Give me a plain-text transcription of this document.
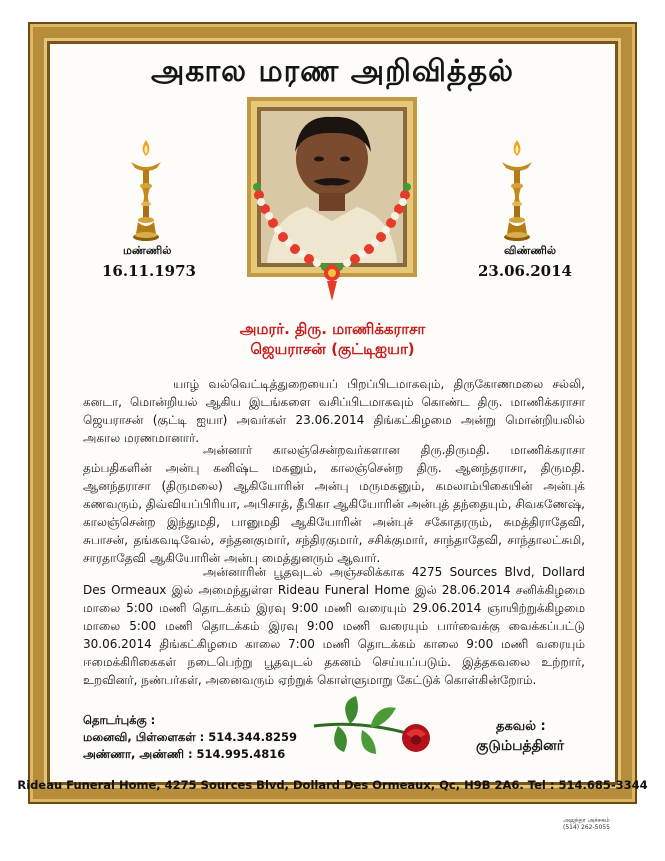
அகால மரண அறிவித்தல்
மண்ணில்
16.11.1973
விண்ணில்
23.06.2014
அமரர். திரு. மாணிக்கராசா
ஜெயராசன் (குட்டிஐயா)
யாழ் வல்வெட்டித்துறையைப் பிறப்பிடமாகவும், திருகோணமலை சல்லி, கனடா, மொன்றியல் ஆகிய இடங்களை வசிப்பிடமாகவும் கொண்ட திரு. மாணிக்கராசா ஜெயராசன் (குட்டி ஐயா) அவர்கள் 23.06.2014 திங்கட்கிழமை அன்று மொன்றியலில் அகால மரணமானார்.
அன்னார் காலஞ்சென்றவர்களான திரு.திருமதி. மாணிக்கராசா தம்பதிகளின் அன்பு கனிஷ்ட மகனும், காலஞ்சென்ற திரு. ஆனந்தராசா, திருமதி. ஆனந்தராசா (திருமலை) ஆகியோரின் அன்பு மருமகனும், கமலாம்பிகையின் அன்புக் கணவரும், திவ்வியப்பிரியா, அபிசாத், தீபிகா ஆகியோரின் அன்புத் தந்தையும், சிவகணேஷ், காலஞ்சென்ற இந்துமதி, பானுமதி ஆகியோரின் அன்புச் சகோதரரும், சுமத்திராதேவி, சுபாசன், தங்கவடிவேல், சந்தனகுமார், சந்திரகுமார், சசிக்குமார், சாந்தாதேவி, சாந்தாலட்சுமி, சாரதாதேவி ஆகியோரின் அன்பு மைத்துனரும் ஆவார்.
அன்னாரின் பூதவுடல் அஞ்சலிக்காக 4275 Sources Blvd, Dollard Des Ormeaux இல் அமைந்துள்ள Rideau Funeral Home இல் 28.06.2014 சனிக்கிழமை மாலை 5:00 மணி தொடக்கம் இரவு 9:00 மணி வரையும் 29.06.2014 ஞாயிற்றுக்கிழமை மாலை 5:00 மணி தொடக்கம் இரவு 9:00 மணி வரையும் பார்வைக்கு வைக்கப்பட்டு 30.06.2014 திங்கட்கிழமை காலை 7:00 மணி தொடக்கம் காலை 9:00 மணி வரையும் ஈமைக்கிரிகைகள் நடைபெற்று பூதவுடல் தகனம் செய்யப்படும். இத்தகவலை உற்றார், உறவினர், நண்பர்கள், அனைவரும் ஏற்றுக் கொள்ளுமாறு கேட்டுக் கொள்கின்றோம்.
தொடர்புக்கு :
மனைவி, பிள்ளைகள் : 514.344.8259
அண்ணா, அண்ணி : 514.995.4816
தகவல் :
குடும்பத்தினர்
Rideau Funeral Home, 4275 Sources Blvd, Dollard Des Ormeaux, Qc, H9B 2A6. Tel : 514.685-3344
அஜந்தா அச்சகம்
(514) 262-5055
